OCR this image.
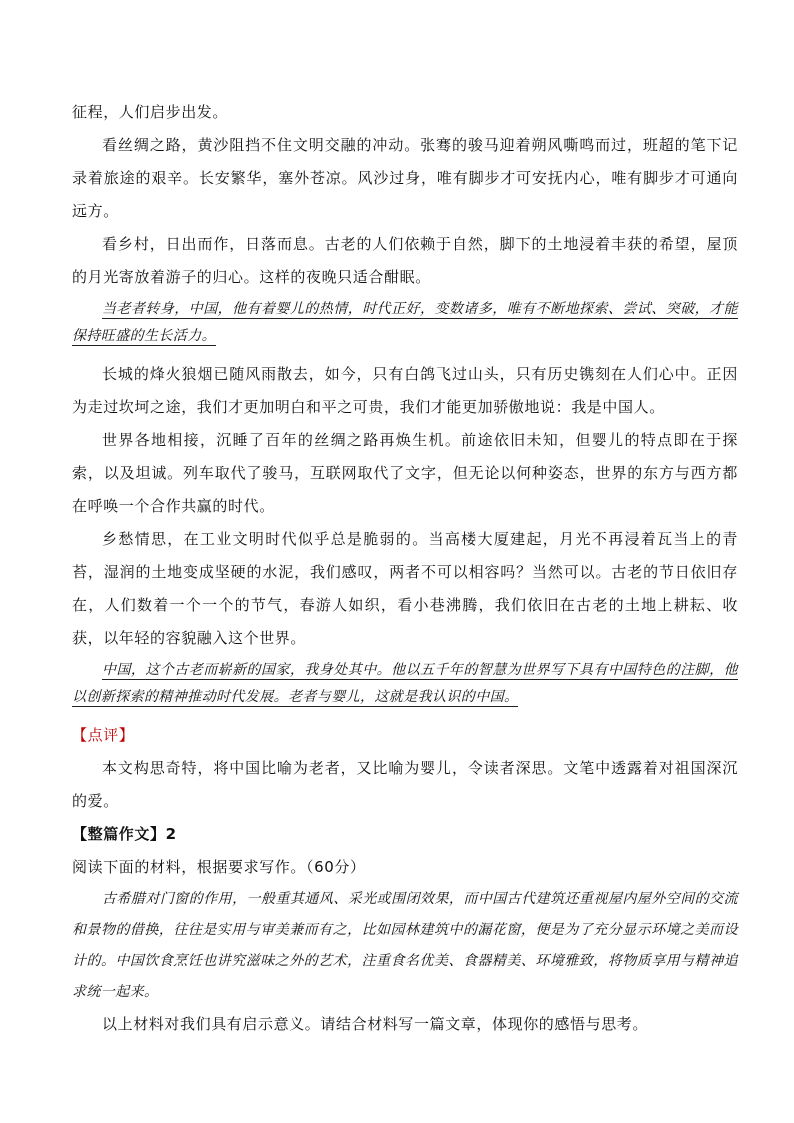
征程，人们启步出发。

看丝绸之路，黄沙阻挡不住文明交融的冲动。张骞的骏马迎着朔风嘶鸣而过，班超的笔下记录着旅途的艰辛。长安繁华，塞外苍凉。风沙过身，唯有脚步才可安抚内心，唯有脚步才可通向远方。

看乡村，日出而作，日落而息。古老的人们依赖于自然，脚下的土地浸着丰获的希望，屋顶的月光寄放着游子的归心。这样的夜晚只适合酣眠。

当老者转身，中国，他有着婴儿的热情，时代正好，变数诸多，唯有不断地探索、尝试、突破，才能保持旺盛的生长活力。

长城的烽火狼烟已随风雨散去，如今，只有白鸽飞过山头，只有历史镌刻在人们心中。正因为走过坎坷之途，我们才更加明白和平之可贵，我们才能更加骄傲地说：我是中国人。

世界各地相接，沉睡了百年的丝绸之路再焕生机。前途依旧未知，但婴儿的特点即在于探索，以及坦诚。列车取代了骏马，互联网取代了文字，但无论以何种姿态，世界的东方与西方都在呼唤一个合作共赢的时代。

乡愁情思，在工业文明时代似乎总是脆弱的。当高楼大厦建起，月光不再浸着瓦当上的青苔，湿润的土地变成坚硬的水泥，我们感叹，两者不可以相容吗？当然可以。古老的节日依旧存在，人们数着一个一个的节气，春游人如织，看小巷沸腾，我们依旧在古老的土地上耕耘、收获，以年轻的容貌融入这个世界。

中国，这个古老而崭新的国家，我身处其中。他以五千年的智慧为世界写下具有中国特色的注脚，他以创新探索的精神推动时代发展。老者与婴儿，这就是我认识的中国。

【点评】

本文构思奇特，将中国比喻为老者，又比喻为婴儿，令读者深思。文笔中透露着对祖国深沉的爱。

【整篇作文】2

阅读下面的材料，根据要求写作。（60分）

古希腊对门窗的作用，一般重其通风、采光或围闭效果，而中国古代建筑还重视屋内屋外空间的交流和景物的借换，往往是实用与审美兼而有之，比如园林建筑中的漏花窗，便是为了充分显示环境之美而设计的。中国饮食烹饪也讲究滋味之外的艺术，注重食名优美、食器精美、环境雅致，将物质享用与精神追求统一起来。

以上材料对我们具有启示意义。请结合材料写一篇文章，体现你的感悟与思考。
